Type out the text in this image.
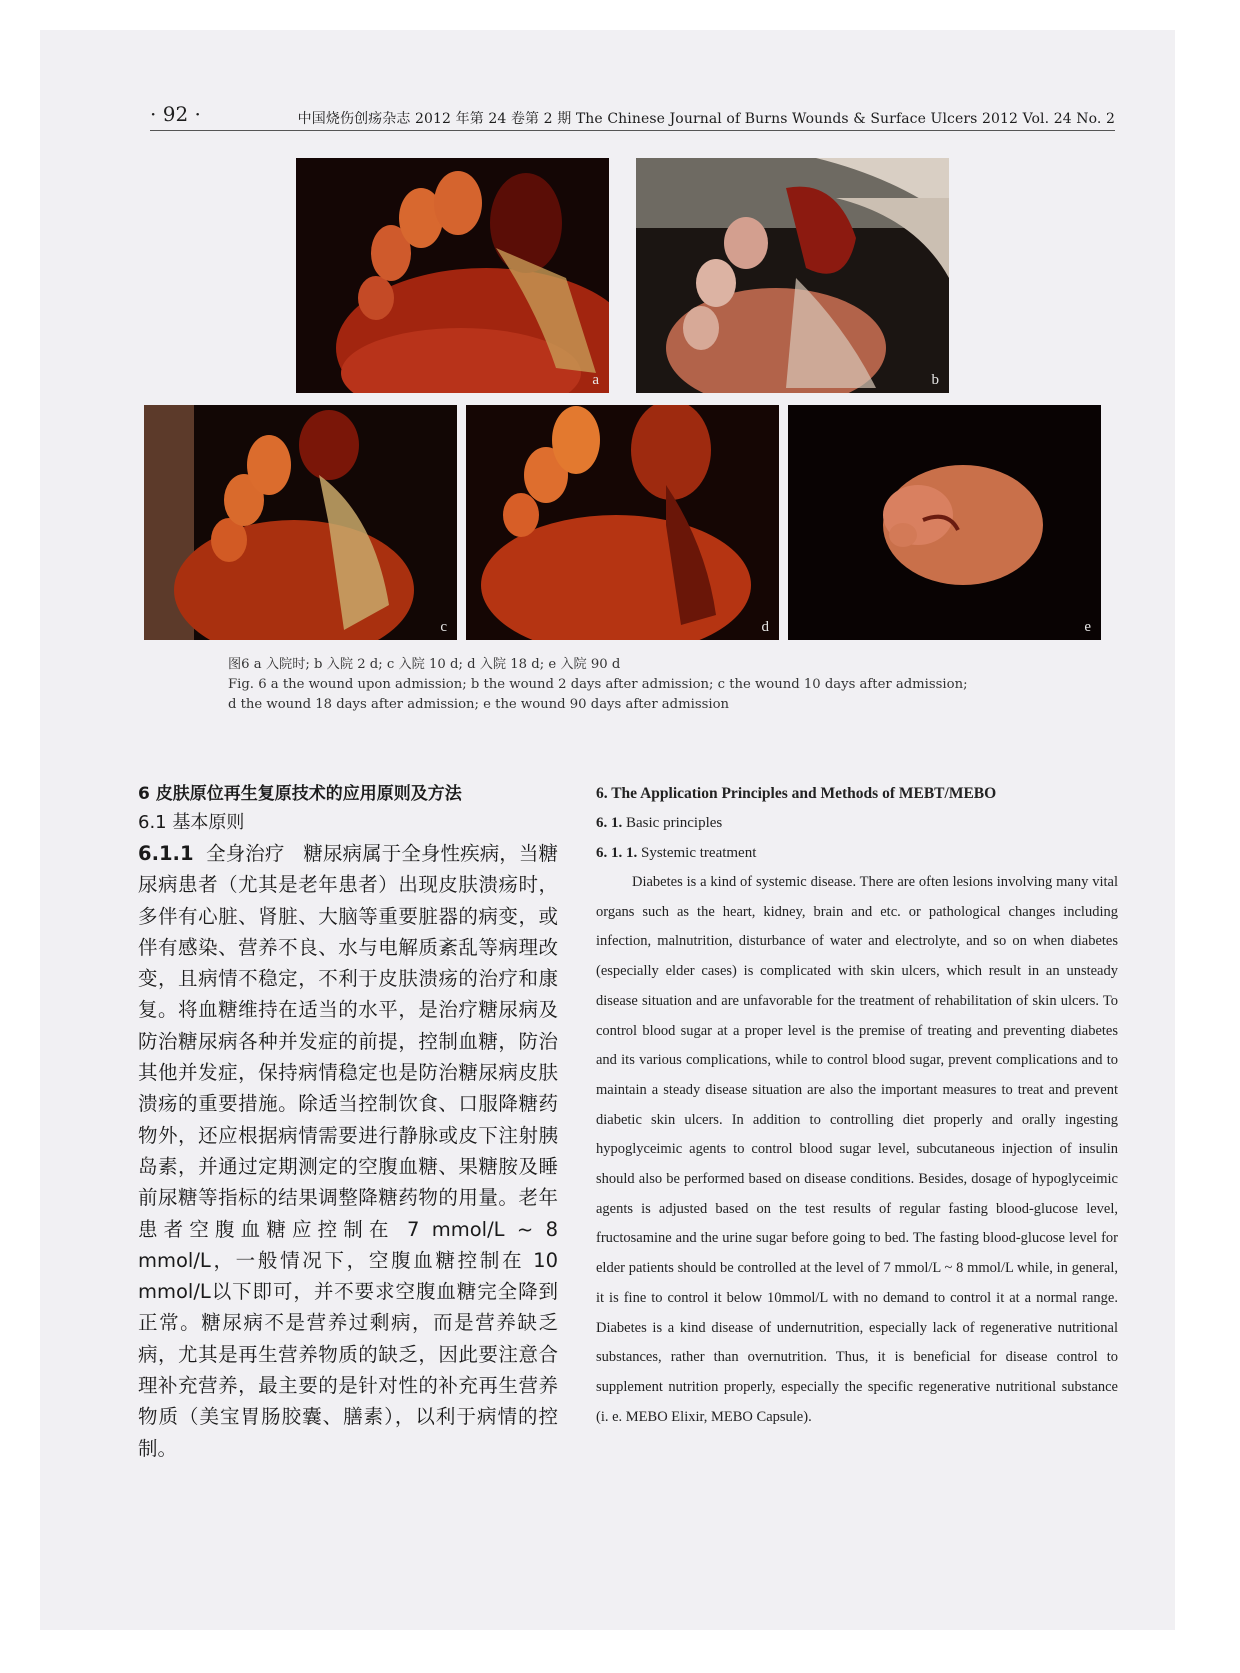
· 92 ·	中国烧伤创疡杂志 2012 年第 24 卷第 2 期 The Chinese Journal of Burns Wounds & Surface Ulcers 2012 Vol. 24 No. 2
a	b
c	d	e
图6 a 入院时; b 入院 2 d; c 入院 10 d; d 入院 18 d; e 入院 90 d
Fig. 6 a the wound upon admission; b the wound 2 days after admission; c the wound 10 days after admission;
d the wound 18 days after admission; e the wound 90 days after admission
6 皮肤原位再生复原技术的应用原则及方法
6.1 基本原则

6.1.1 全身治疗 糖尿病属于全身性疾病，当糖尿病患者（尤其是老年患者）出现皮肤溃疡时，多伴有心脏、肾脏、大脑等重要脏器的病变，或伴有感染、营养不良、水与电解质紊乱等病理改变，且病情不稳定，不利于皮肤溃疡的治疗和康复。将血糖维持在适当的水平，是治疗糖尿病及防治糖尿病各种并发症的前提，控制血糖，防治其他并发症，保持病情稳定也是防治糖尿病皮肤溃疡的重要措施。除适当控制饮食、口服降糖药物外，还应根据病情需要进行静脉或皮下注射胰岛素，并通过定期测定的空腹血糖、果糖胺及睡前尿糖等指标的结果调整降糖药物的用量。老年患者空腹血糖应控制在 7 mmol/L ~ 8 mmol/L，一般情况下，空腹血糖控制在 10 mmol/L以下即可，并不要求空腹血糖完全降到正常。糖尿病不是营养过剩病，而是营养缺乏病，尤其是再生营养物质的缺乏，因此要注意合理补充营养，最主要的是针对性的补充再生营养物质（美宝胃肠胶囊、膳素），以利于病情的控制。

6. The Application Principles and Methods of MEBT/MEBO
6. 1. Basic principles
6. 1. 1. Systemic treatment

Diabetes is a kind of systemic disease. There are often lesions involving many vital organs such as the heart, kidney, brain and etc. or pathological changes including infection, malnutrition, disturbance of water and electrolyte, and so on when diabetes (especially elder cases) is complicated with skin ulcers, which result in an unsteady disease situation and are unfavorable for the treatment of rehabilitation of skin ulcers. To control blood sugar at a proper level is the premise of treating and preventing diabetes and its various complications, while to control blood sugar, prevent complications and to maintain a steady disease situation are also the important measures to treat and prevent diabetic skin ulcers. In addition to controlling diet properly and orally ingesting hypoglyceimic agents to control blood sugar level, subcutaneous injection of insulin should also be performed based on disease conditions. Besides, dosage of hypoglyceimic agents is adjusted based on the test results of regular fasting blood-glucose level, fructosamine and the urine sugar before going to bed. The fasting blood-glucose level for elder patients should be controlled at the level of 7 mmol/L ~ 8 mmol/L while, in general, it is fine to control it below 10mmol/L with no demand to control it at a normal range. Diabetes is a kind disease of undernutrition, especially lack of regenerative nutritional substances, rather than overnutrition. Thus, it is beneficial for disease control to supplement nutrition properly, especially the specific regenerative nutritional substance (i. e. MEBO Elixir, MEBO Capsule).
